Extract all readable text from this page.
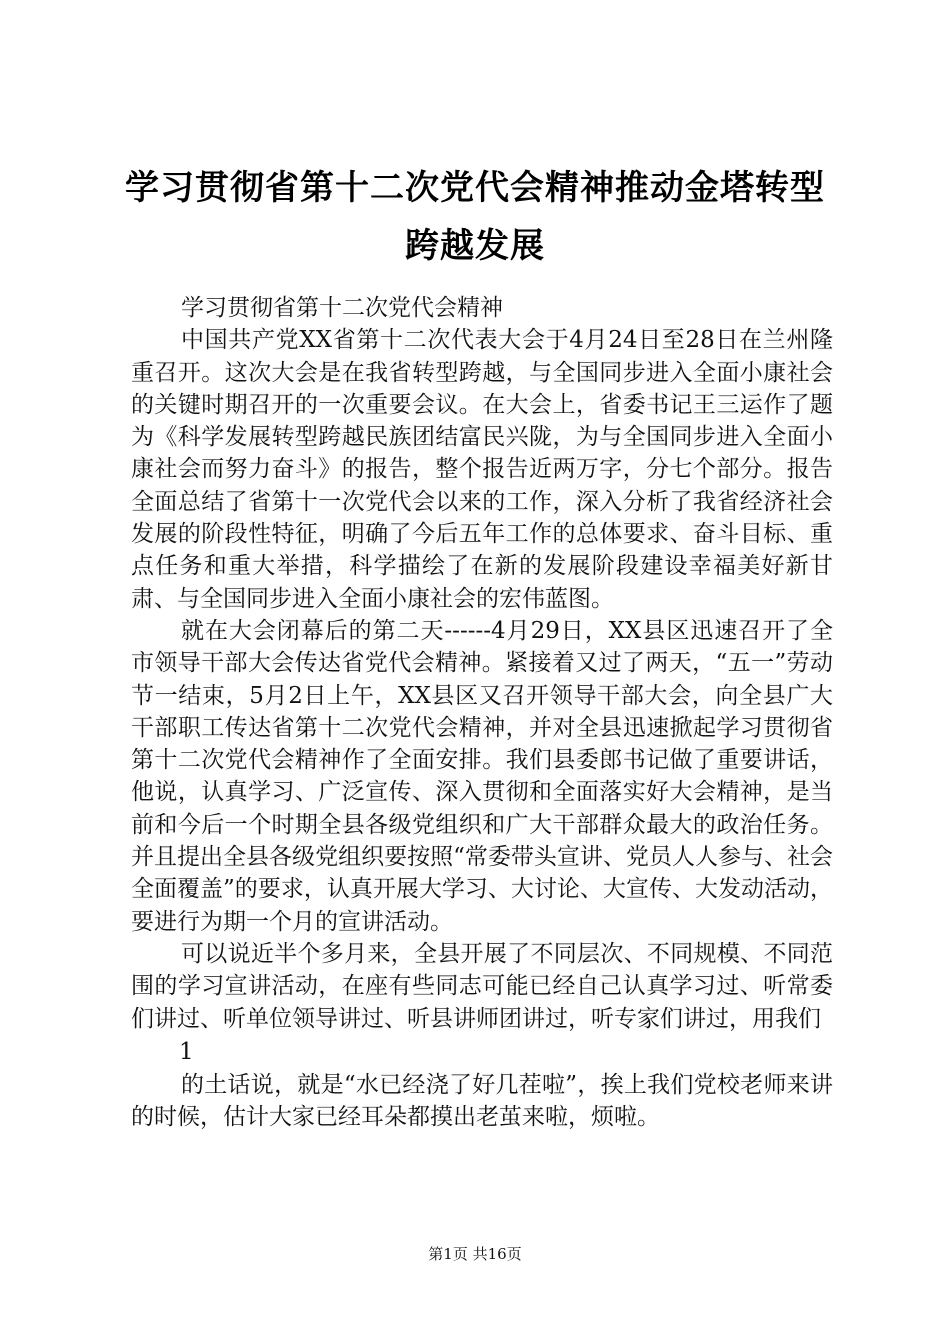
学习贯彻省第十二次党代会精神推动金塔转型
跨越发展

学习贯彻省第十二次党代会精神

中国共产党XX省第十二次代表大会于4月24日至28日在兰州隆重召开。这次大会是在我省转型跨越，与全国同步进入全面小康社会的关键时期召开的一次重要会议。在大会上，省委书记王三运作了题为《科学发展转型跨越民族团结富民兴陇，为与全国同步进入全面小康社会而努力奋斗》的报告，整个报告近两万字，分七个部分。报告全面总结了省第十一次党代会以来的工作，深入分析了我省经济社会发展的阶段性特征，明确了今后五年工作的总体要求、奋斗目标、重点任务和重大举措，科学描绘了在新的发展阶段建设幸福美好新甘肃、与全国同步进入全面小康社会的宏伟蓝图。

就在大会闭幕后的第二天------4月29日，XX县区迅速召开了全市领导干部大会传达省党代会精神。紧接着又过了两天，“五一”劳动节一结束，5月2日上午，XX县区又召开领导干部大会，向全县广大干部职工传达省第十二次党代会精神，并对全县迅速掀起学习贯彻省第十二次党代会精神作了全面安排。我们县委郎书记做了重要讲话，他说，认真学习、广泛宣传、深入贯彻和全面落实好大会精神，是当前和今后一个时期全县各级党组织和广大干部群众最大的政治任务。并且提出全县各级党组织要按照“常委带头宣讲、党员人人参与、社会全面覆盖”的要求，认真开展大学习、大讨论、大宣传、大发动活动，要进行为期一个月的宣讲活动。

可以说近半个多月来，全县开展了不同层次、不同规模、不同范围的学习宣讲活动，在座有些同志可能已经自己认真学习过、听常委们讲过、听单位领导讲过、听县讲师团讲过，听专家们讲过，用我们

1

的土话说，就是“水已经浇了好几茬啦”，挨上我们党校老师来讲的时候，估计大家已经耳朵都摸出老茧来啦，烦啦。

第1页 共16页
